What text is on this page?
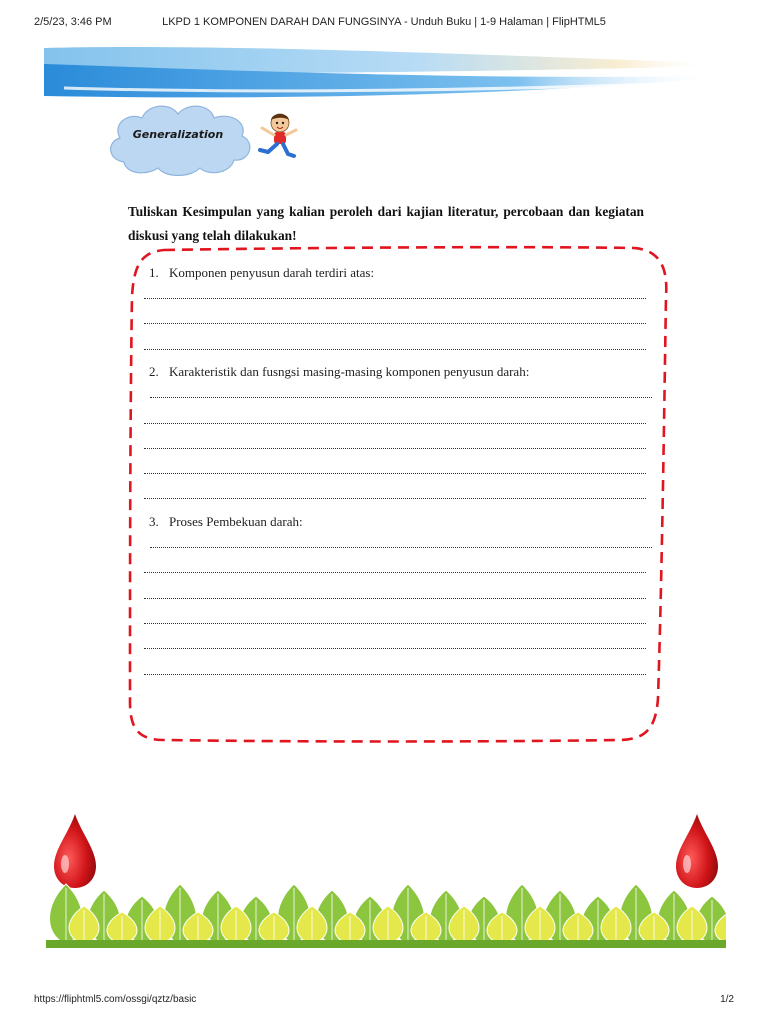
2/5/23, 3:46 PM	LKPD 1 KOMPONEN DARAH DAN FUNGSINYA - Unduh Buku | 1-9 Halaman | FlipHTML5
https://fliphtml5.com/ossgi/qztz/basic	1/2
Generalization
Tuliskan Kesimpulan yang kalian peroleh dari kajian literatur, percobaan dan kegiatan diskusi yang telah dilakukan!
1. Komponen penyusun darah terdiri atas:
2. Karakteristik dan fusngsi masing-masing komponen penyusun darah:
3. Proses Pembekuan darah:
